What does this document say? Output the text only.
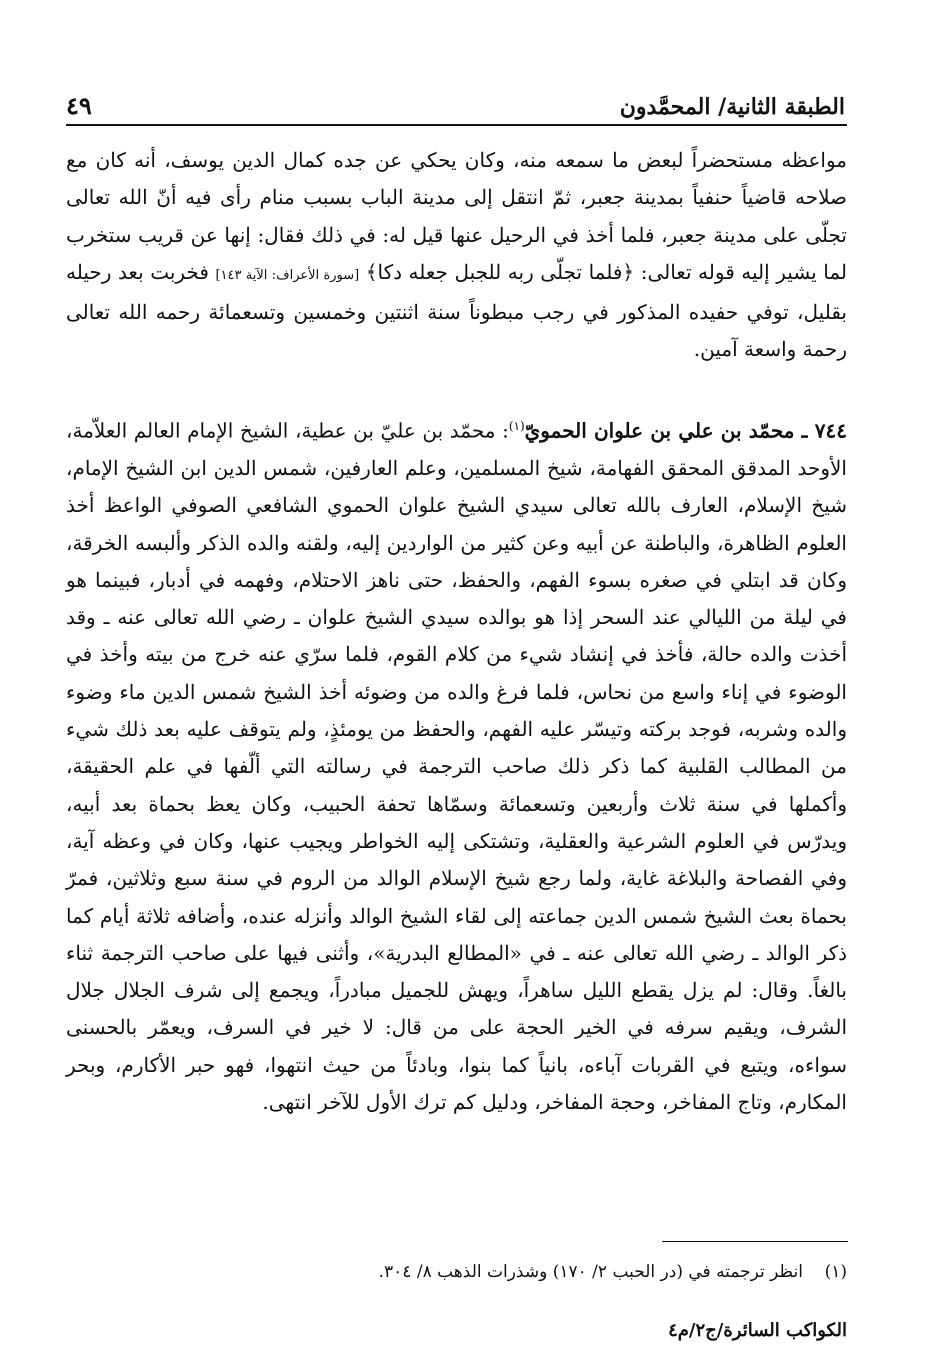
الطبقة الثانية/ المحمَّدون
٤٩

مواعظه مستحضراً لبعض ما سمعه منه، وكان يحكي عن جده كمال الدين يوسف، أنه كان مع صلاحه قاضياً حنفياً بمدينة جعبر، ثمّ انتقل إلى مدينة الباب بسبب منام رأى فيه أنّ الله تعالى تجلّى على مدينة جعبر، فلما أخذ في الرحيل عنها قيل له: في ذلك فقال: إنها عن قريب ستخرب لما يشير إليه قوله تعالى: ﴿فلما تجلّى ربه للجبل جعله دكا﴾ [سورة الأعراف: الآية ١٤٣] فخربت بعد رحيله بقليل، توفي حفيده المذكور في رجب مبطوناً سنة اثنتين وخمسين وتسعمائة رحمه الله تعالى رحمة واسعة آمين.

٧٤٤ ـ محمّد بن علي بن علوان الحمويّ$^{(١)}$: محمّد بن عليّ بن عطية، الشيخ الإمام العالم العلاّمة، الأوحد المدقق المحقق الفهامة، شيخ المسلمين، وعلم العارفين، شمس الدين ابن الشيخ الإمام، شيخ الإسلام، العارف بالله تعالى سيدي الشيخ علوان الحموي الشافعي الصوفي الواعظ أخذ العلوم الظاهرة، والباطنة عن أبيه وعن كثير من الواردين إليه، ولقنه والده الذكر وألبسه الخرقة، وكان قد ابتلي في صغره بسوء الفهم، والحفظ، حتى ناهز الاحتلام، وفهمه في أدبار، فبينما هو في ليلة من الليالي عند السحر إذا هو بوالده سيدي الشيخ علوان ـ رضي الله تعالى عنه ـ وقد أخذت والده حالة، فأخذ في إنشاد شيء من كلام القوم، فلما سرّي عنه خرج من بيته وأخذ في الوضوء في إناء واسع من نحاس، فلما فرغ والده من وضوئه أخذ الشيخ شمس الدين ماء وضوء والده وشربه، فوجد بركته وتيسّر عليه الفهم، والحفظ من يومئذٍ، ولم يتوقف عليه بعد ذلك شيء من المطالب القلبية كما ذكر ذلك صاحب الترجمة في رسالته التي ألّفها في علم الحقيقة، وأكملها في سنة ثلاث وأربعين وتسعمائة وسمّاها تحفة الحبيب، وكان يعظ بحماة بعد أبيه، ويدرّس في العلوم الشرعية والعقلية، وتشتكى إليه الخواطر ويجيب عنها، وكان في وعظه آية، وفي الفصاحة والبلاغة غاية، ولما رجع شيخ الإسلام الوالد من الروم في سنة سبع وثلاثين، فمرّ بحماة بعث الشيخ شمس الدين جماعته إلى لقاء الشيخ الوالد وأنزله عنده، وأضافه ثلاثة أيام كما ذكر الوالد ـ رضي الله تعالى عنه ـ في «المطالع البدرية»، وأثنى فيها على صاحب الترجمة ثناء بالغاً. وقال: لم يزل يقطع الليل ساهراً، ويهش للجميل مبادراً، ويجمع إلى شرف الجلال جلال الشرف، ويقيم سرفه في الخير الحجة على من قال: لا خير في السرف، ويعمّر بالحسنى سواءه، ويتبع في القربات آباءه، بانياً كما بنوا، وبادئاً من حيث انتهوا، فهو حبر الأكارم، وبحر المكارم، وتاج المفاخر، وحجة المفاخر، ودليل كم ترك الأول للآخر انتهى.

(١)    انظر ترجمته في (در الحبب ٢/ ١٧٠) وشذرات الذهب ٨/ ٣٠٤.

الكواكب السائرة/ج٢/م٤
